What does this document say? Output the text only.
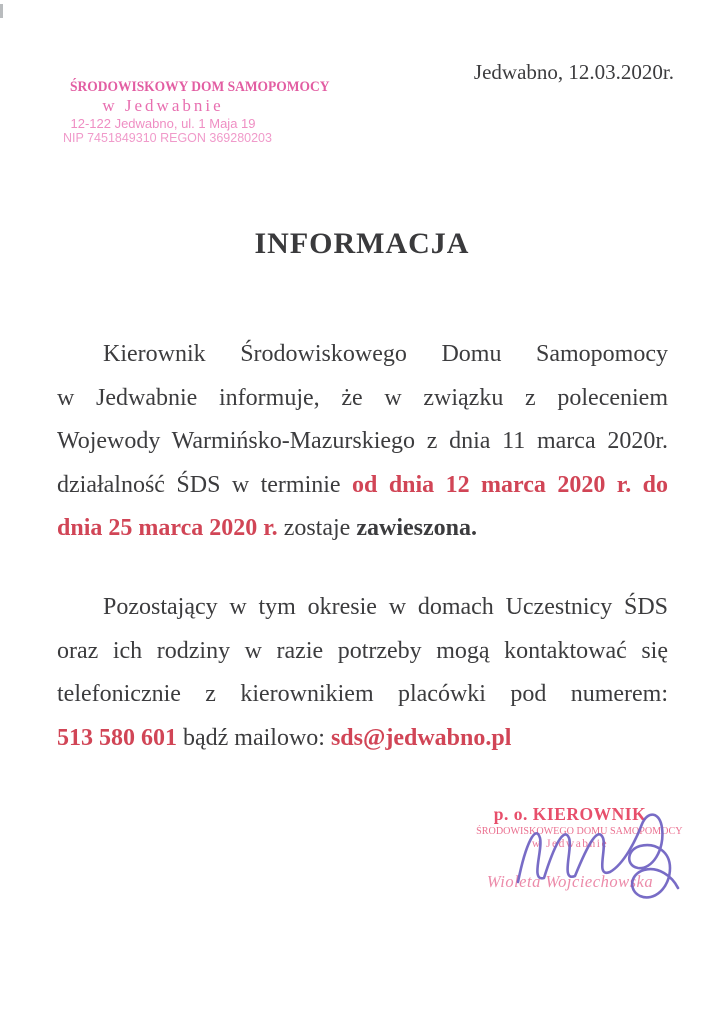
Jedwabno, 12.03.2020r.
ŚRODOWISKOWY DOM SAMOPOMOCY
w Jedwabnie
12-122 Jedwabno, ul. 1 Maja 19
NIP 7451849310 REGON 369280203
INFORMACJA
Kierownik Środowiskowego Domu Samopomocy
w Jedwabnie informuje, że w związku z poleceniem
Wojewody Warmińsko-Mazurskiego z dnia 11 marca 2020r.
działalność ŚDS w terminie od dnia 12 marca 2020 r. do
dnia 25 marca 2020 r. zostaje zawieszona.
Pozostający w tym okresie w domach Uczestnicy ŚDS
oraz ich rodziny w razie potrzeby mogą kontaktować się
telefonicznie z kierownikiem placówki pod numerem:
513 580 601 bądź mailowo: sds@jedwabno.pl
p. o. KIEROWNIK
ŚRODOWISKOWEGO DOMU SAMOPOMOCY
w Jedwabnie
Wioleta Wojciechowska
